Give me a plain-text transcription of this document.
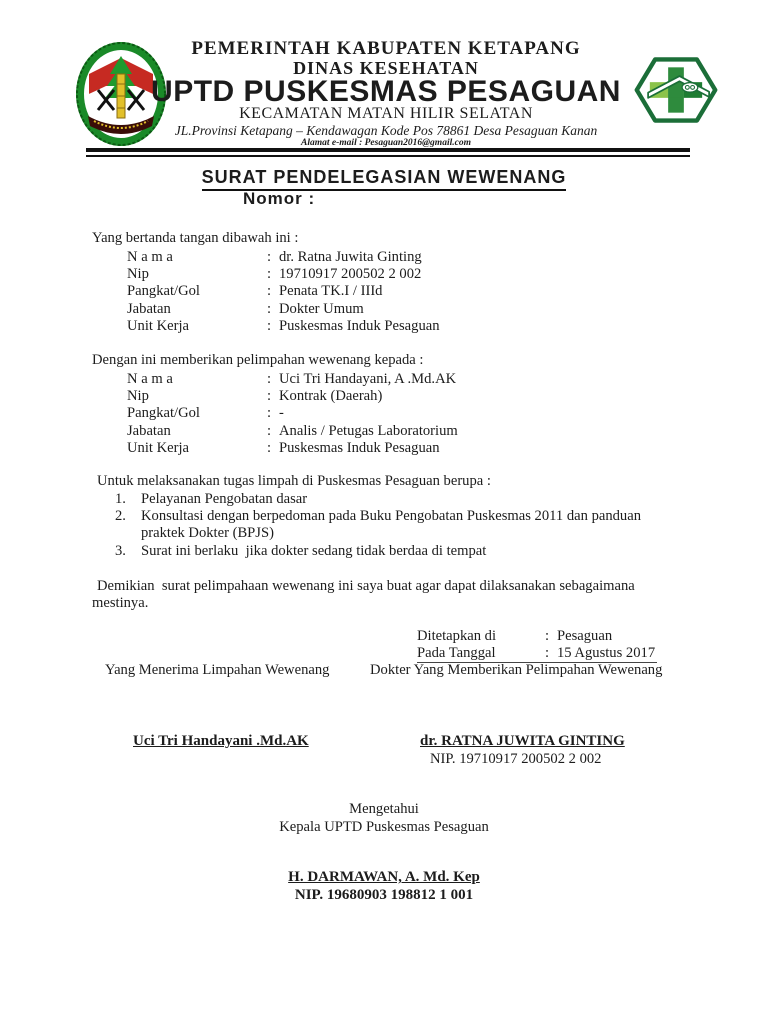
PEMERINTAH KABUPATEN KETAPANG
DINAS KESEHATAN
UPTD PUSKESMAS PESAGUAN
KECAMATAN MATAN HILIR SELATAN
JL.Provinsi Ketapang – Kendawagan Kode Pos 78861 Desa Pesaguan Kanan
Alamat e-mail : Pesaguan2016@gmail.com
SURAT PENDELEGASIAN WEWENANG
Nomor :
Yang bertanda tangan dibawah ini :
N a m a	: dr. Ratna Juwita Ginting
Nip	: 19710917 200502 2 002
Pangkat/Gol	: Penata TK.I / IIId
Jabatan	: Dokter Umum
Unit Kerja	: Puskesmas Induk Pesaguan
Dengan ini memberikan pelimpahan wewenang kepada :
N a m a	: Uci Tri Handayani, A .Md.AK
Nip	: Kontrak (Daerah)
Pangkat/Gol	: -
Jabatan	: Analis / Petugas Laboratorium
Unit Kerja	: Puskesmas Induk Pesaguan
Untuk melaksanakan tugas limpah di Puskesmas Pesaguan berupa :
1.	Pelayanan Pengobatan dasar
2.	Konsultasi dengan berpedoman pada Buku Pengobatan Puskesmas 2011 dan panduan praktek Dokter (BPJS)
3.	Surat ini berlaku  jika dokter sedang tidak berdaa di tempat
Demikian  surat pelimpahaan wewenang ini saya buat agar dapat dilaksanakan sebagaimana mestinya.
Ditetapkan di	: Pesaguan
Pada Tanggal	: 15 Agustus 2017
Yang Menerima Limpahan Wewenang	Dokter Yang Memberikan Pelimpahan Wewenang
Uci Tri Handayani .Md.AK	dr. RATNA JUWITA GINTING
NIP. 19710917 200502 2 002
Mengetahui
Kepala UPTD Puskesmas Pesaguan
H. DARMAWAN, A. Md. Kep
NIP. 19680903 198812 1 001
